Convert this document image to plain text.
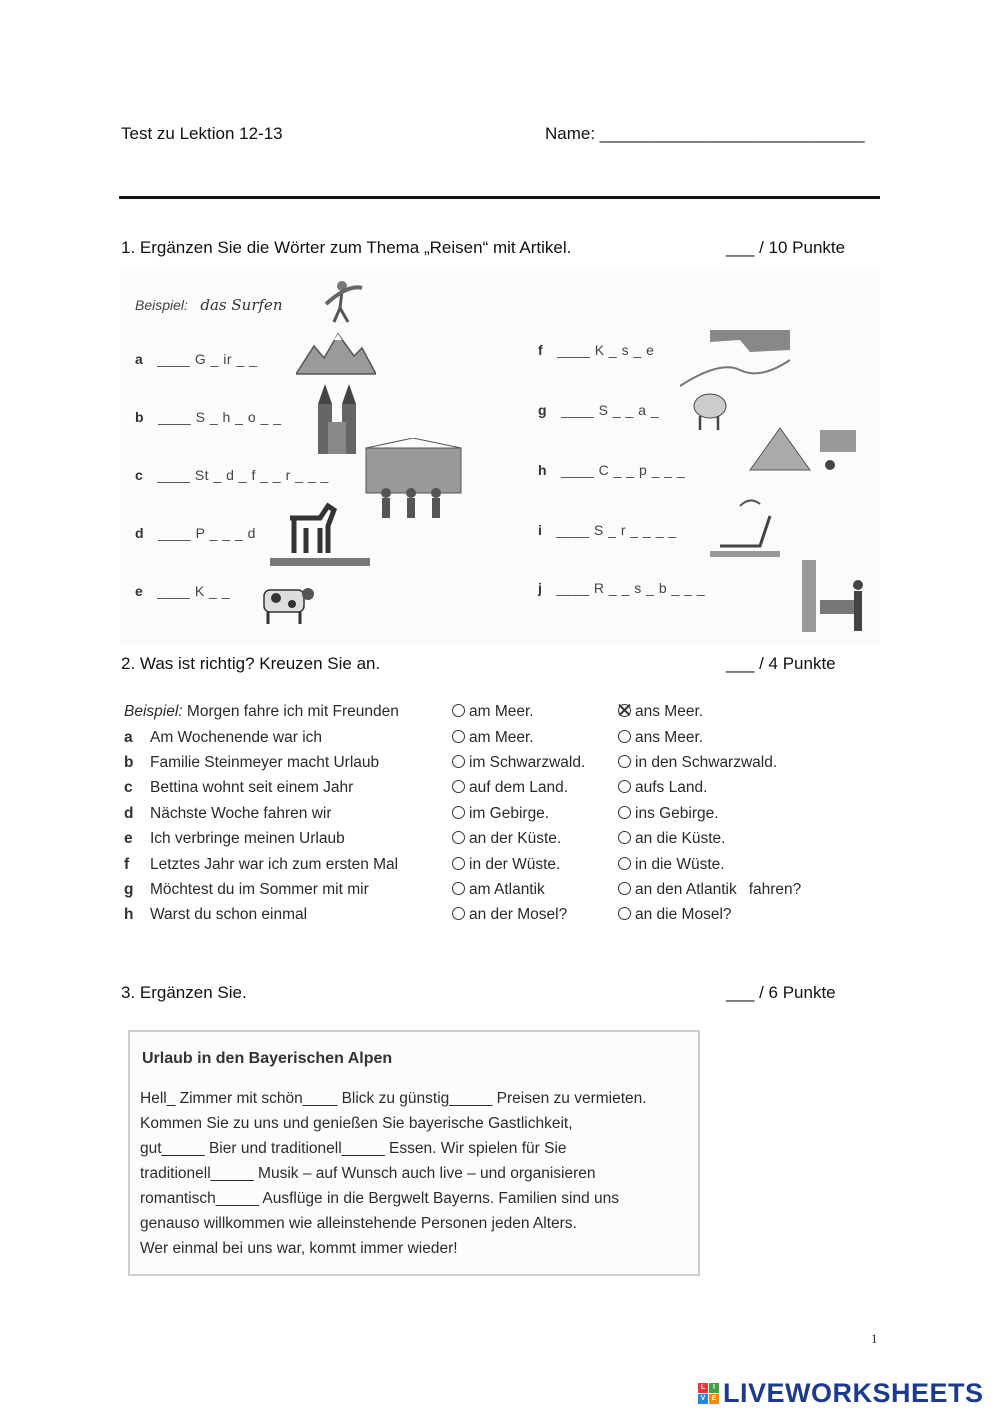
Test zu Lektion 12-13	Name: ____________________________
1. Ergänzen Sie die Wörter zum Thema „Reisen“ mit Artikel.	___ / 10 Punkte
Beispiel: das Surfen
a ____ G _ ir _ _
b ____ S _ h _ o _ _
c ____ St _ d _ f _ _ r _ _ _
d ____ P _ _ _ d
e ____ K _ _
f ____ K _ s _ e
g ____ S _ _ a _
h ____ C _ _ p _ _ _
i ____ S _ r _ _ _ _
j ____ R _ _ s _ b _ _ _
2. Was ist richtig? Kreuzen Sie an.	___ / 4 Punkte
Beispiel: Morgen fahre ich mit Freunden	am Meer.	ans Meer.
a Am Wochenende war ich	am Meer.	ans Meer.
b Familie Steinmeyer macht Urlaub	im Schwarzwald.	in den Schwarzwald.
c Bettina wohnt seit einem Jahr	auf dem Land.	aufs Land.
d Nächste Woche fahren wir	im Gebirge.	ins Gebirge.
e Ich verbringe meinen Urlaub	an der Küste.	an die Küste.
f Letztes Jahr war ich zum ersten Mal	in der Wüste.	in die Wüste.
g Möchtest du im Sommer mit mir	am Atlantik	an den Atlantik fahren?
h Warst du schon einmal	an der Mosel?	an die Mosel?
3. Ergänzen Sie.	___ / 6 Punkte
Urlaub in den Bayerischen Alpen
Hell_ Zimmer mit schön____ Blick zu günstig_____ Preisen zu vermieten.
Kommen Sie zu uns und genießen Sie bayerische Gastlichkeit,
gut_____ Bier und traditionell_____ Essen. Wir spielen für Sie
traditionell_____ Musik – auf Wunsch auch live – und organisieren
romantisch_____ Ausflüge in die Bergwelt Bayerns. Familien sind uns
genauso willkommen wie alleinstehende Personen jeden Alters.
Wer einmal bei uns war, kommt immer wieder!
1
L	I
V E LIVEWORKSHEETS
